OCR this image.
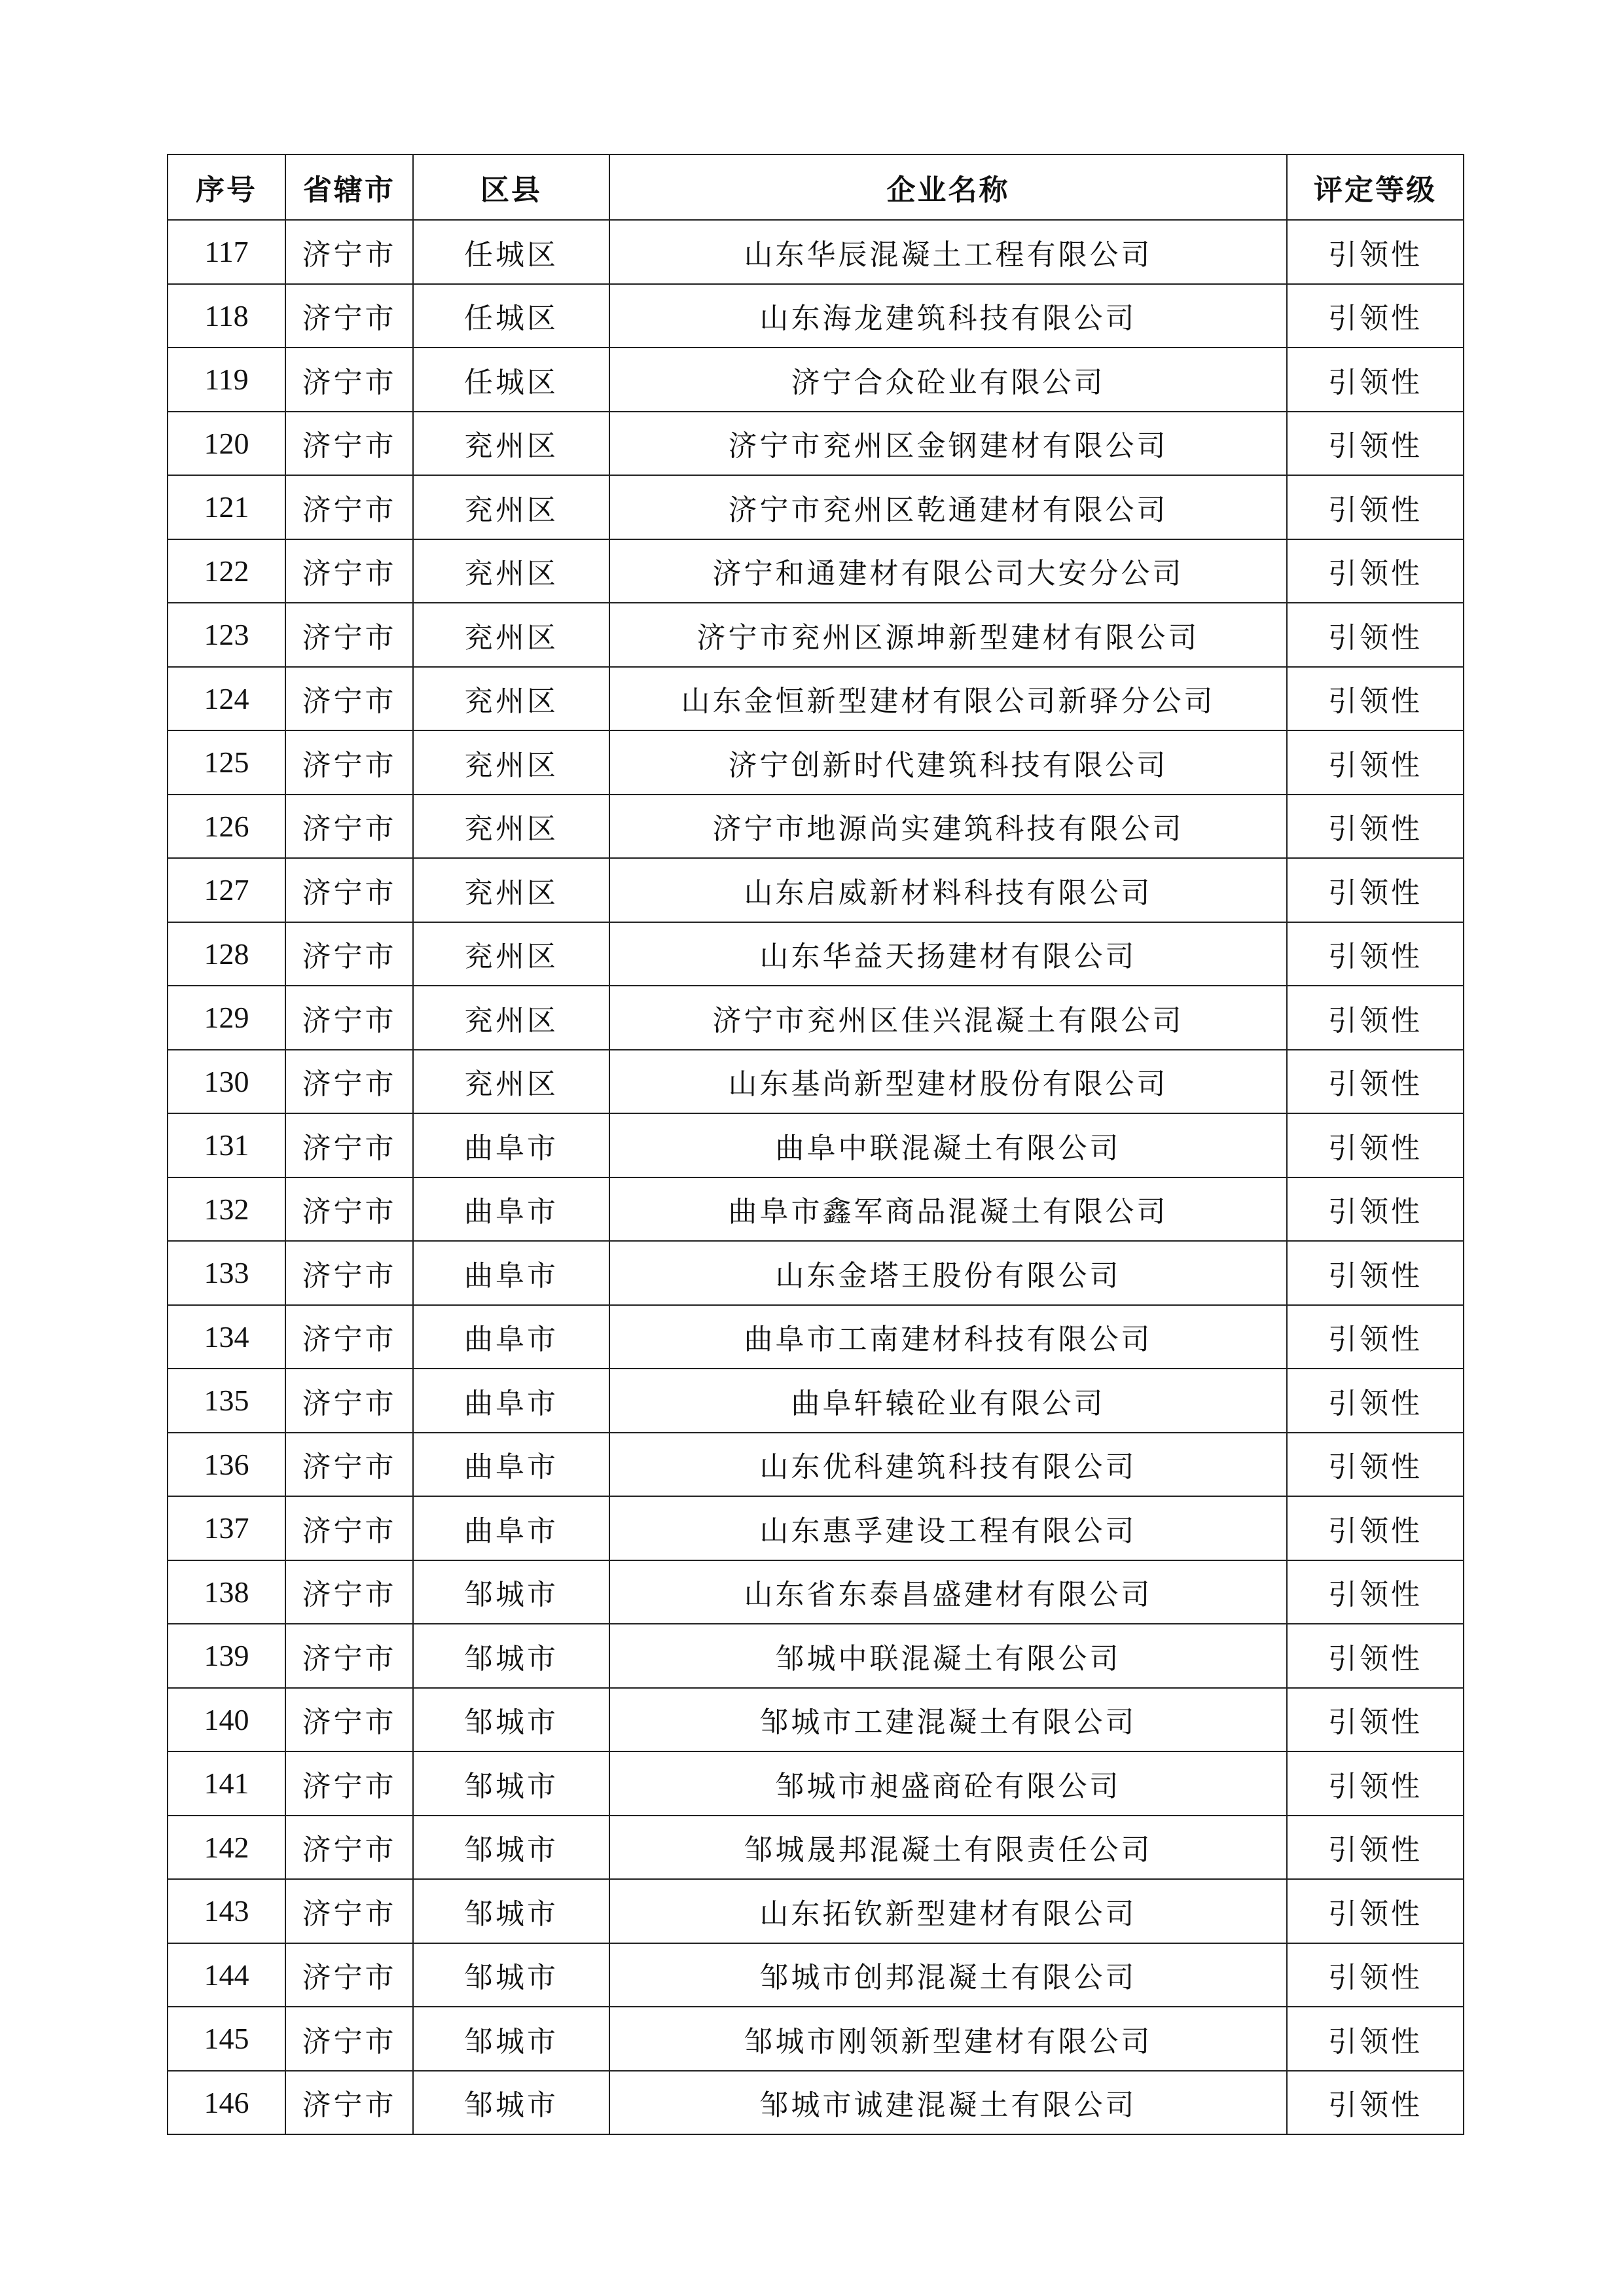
序号	省辖市	区县	企业名称	评定等级
117	济宁市	任城区	山东华辰混凝土工程有限公司	引领性
118	济宁市	任城区	山东海龙建筑科技有限公司	引领性
119	济宁市	任城区	济宁合众砼业有限公司	引领性
120	济宁市	兖州区	济宁市兖州区金钢建材有限公司	引领性
121	济宁市	兖州区	济宁市兖州区乾通建材有限公司	引领性
122	济宁市	兖州区	济宁和通建材有限公司大安分公司	引领性
123	济宁市	兖州区	济宁市兖州区源坤新型建材有限公司	引领性
124	济宁市	兖州区	山东金恒新型建材有限公司新驿分公司	引领性
125	济宁市	兖州区	济宁创新时代建筑科技有限公司	引领性
126	济宁市	兖州区	济宁市地源尚实建筑科技有限公司	引领性
127	济宁市	兖州区	山东启威新材料科技有限公司	引领性
128	济宁市	兖州区	山东华益天扬建材有限公司	引领性
129	济宁市	兖州区	济宁市兖州区佳兴混凝土有限公司	引领性
130	济宁市	兖州区	山东基尚新型建材股份有限公司	引领性
131	济宁市	曲阜市	曲阜中联混凝土有限公司	引领性
132	济宁市	曲阜市	曲阜市鑫军商品混凝土有限公司	引领性
133	济宁市	曲阜市	山东金塔王股份有限公司	引领性
134	济宁市	曲阜市	曲阜市工南建材科技有限公司	引领性
135	济宁市	曲阜市	曲阜轩辕砼业有限公司	引领性
136	济宁市	曲阜市	山东优科建筑科技有限公司	引领性
137	济宁市	曲阜市	山东惠孚建设工程有限公司	引领性
138	济宁市	邹城市	山东省东泰昌盛建材有限公司	引领性
139	济宁市	邹城市	邹城中联混凝土有限公司	引领性
140	济宁市	邹城市	邹城市工建混凝土有限公司	引领性
141	济宁市	邹城市	邹城市昶盛商砼有限公司	引领性
142	济宁市	邹城市	邹城晟邦混凝土有限责任公司	引领性
143	济宁市	邹城市	山东拓钦新型建材有限公司	引领性
144	济宁市	邹城市	邹城市创邦混凝土有限公司	引领性
145	济宁市	邹城市	邹城市刚领新型建材有限公司	引领性
146	济宁市	邹城市	邹城市诚建混凝土有限公司	引领性
